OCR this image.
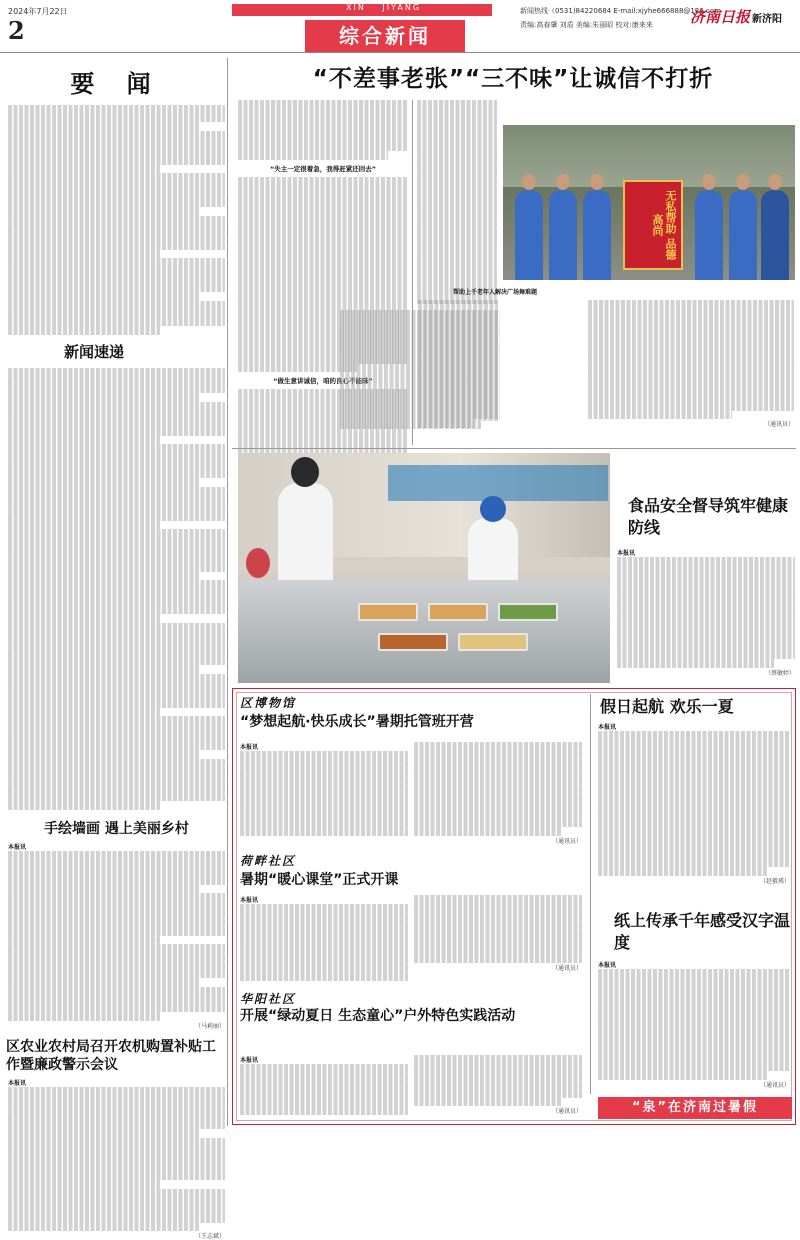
2024年7月22日
2
XIN JIYANG
综合新闻
新闻热线（0531)84220684 E-mail:xjyhe666888@126.com
责编:高春肇 刘盾 美编:朱丽昭 校对:康来来 济南日报 新济阳
要 闻
新闻速递
手绘墙画 遇上美丽乡村
本报讯
（马莉丽）
区农业农村局召开农机购置补贴工作暨廉政警示会议
本报讯
（王志斌）
“不差事老张”“三不味”让诚信不打折
“失主一定很着急，我得赶紧还回去”
“做生意讲诚信，咱的良心不能昧”
无私帮助 品德高尚
帮助上千老年人解决广场舞难题
（通讯员）
食品安全督导筑牢健康防线
本报讯
（蔡敏婷）
区博物馆
“梦想起航·快乐成长”暑期托管班开营
本报讯
（通讯员）
荷畔社区
暑期“暖心课堂”正式开课
本报讯
（通讯员）
华阳社区
开展“绿动夏日 生态童心”户外特色实践活动
本报讯
（通讯员）
假日起航 欢乐一夏
本报讯
（赵毅瑛）
纸上传承千年感受汉字温度
本报讯
（通讯员）
“泉”在济南过暑假
